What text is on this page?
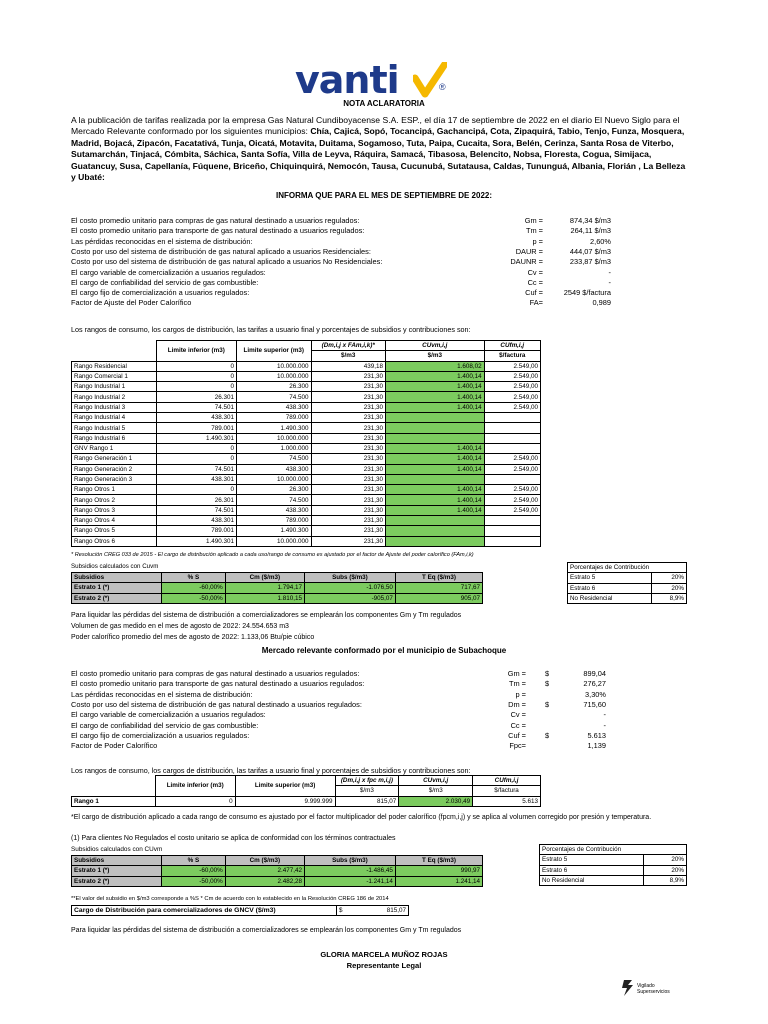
vanti	®
NOTA ACLARATORIA
A la publicación de tarifas realizada por la empresa Gas Natural Cundiboyacense S.A. ESP., el día 17 de septiembre de 2022 en el diario El Nuevo Siglo para el Mercado Relevante conformado por los siguientes municipios: Chía, Cajicá, Sopó, Tocancipá, Gachancipá, Cota, Zipaquirá, Tabio, Tenjo, Funza, Mosquera, Madrid, Bojacá, Zipacón, Facatativá, Tunja, Oicatá, Motavita, Duitama, Sogamoso, Tuta, Paipa, Cucaita, Sora, Belén, Cerinza, Santa Rosa de Viterbo, Sutamarchán, Tinjacá, Cómbita, Sáchica, Santa Sofía, Villa de Leyva, Ráquira, Samacá, Tibasosa, Belencito, Nobsa, Floresta, Cogua, Simijaca, Guatancuy, Susa, Capellanía, Fúquene, Briceño, Chiquinquirá, Nemocón, Tausa, Cucunubá, Sutatausa, Caldas, Tununguá, Albania, Florián , La Belleza y Ubaté:
INFORMA QUE PARA EL MES DE SEPTIEMBRE DE 2022:
El costo promedio unitario para compras de gas natural destinado a usuarios regulados:	Gm =	874,34 $/m3
El costo promedio unitario para transporte de gas natural destinado a usuarios regulados:	Tm =	264,11 $/m3
Las pérdidas reconocidas en el sistema de distribución:	p =	2,60%
Costo por uso del sistema de distribución de gas natural aplicado a usuarios Residenciales:	DAUR =	444,07 $/m3
Costo por uso del sistema de distribución de gas natural aplicado a usuarios No Residenciales:	DAUNR =	233,87 $/m3
El cargo variable de comercialización a usuarios regulados:	Cv =	-
El cargo de confiabilidad del servicio de gas combustible:	Cc =	-
El cargo fijo de comercialización a usuarios regulados:	Cuf =	2549 $/factura
Factor de Ajuste del Poder Calorífico	FA=	0,989
Los rangos de consumo, los cargos de distribución, las tarifas a usuario final y porcentajes de subsidios y contribuciones son:
	Limite inferior (m3)	Limite superior (m3)	(Dm,i,j x FAm,i,k)*	CUvm,i,j	CUfm,i,j
			$/m3	$/m3	$/factura
Rango Residencial	0	10.000.000	439,18	1.608,02	2.549,00
Rango Comercial 1	0	10.000.000	231,30	1.400,14	2.549,00
Rango Industrial 1	0	26.300	231,30	1.400,14	2.549,00
Rango Industrial 2	26.301	74.500	231,30	1.400,14	2.549,00
Rango Industrial 3	74.501	438.300	231,30	1.400,14	2.549,00
Rango Industrial 4	438.301	789.000	231,30		
Rango Industrial 5	789.001	1.490.300	231,30		
Rango Industrial 6	1.490.301	10.000.000	231,30		
GNV Rango 1	0	1.000.000	231,30	1.400,14	
Rango Generación 1	0	74.500	231,30	1.400,14	2.549,00
Rango Generación 2	74.501	438.300	231,30	1.400,14	2.549,00
Rango Generación 3	438.301	10.000.000	231,30		
Rango Otros 1	0	26.300	231,30	1.400,14	2.549,00
Rango Otros 2	26.301	74.500	231,30	1.400,14	2.549,00
Rango Otros 3	74.501	438.300	231,30	1.400,14	2.549,00
Rango Otros 4	438.301	789.000	231,30		
Rango Otros 5	789.001	1.490.300	231,30		
Rango Otros 6	1.490.301	10.000.000	231,30		
* Resolución CREG 033 de 2015 - El cargo de distribución aplicado a cada uso/rango de consumo es ajustado por el factor de Ajuste del poder calorífico (FAm,i,k)
Subsidios calculados con Cuvm
Subsidios	% S	Cm ($/m3)	Subs ($/m3)	T Eq ($/m3)
Estrato 1 (*)	-60,00%	1.794,17	-1.076,50	717,67
Estrato 2 (*)	-50,00%	1.810,15	-905,07	905,07
Porcentajes de Contribución	
Estrato 5	20%
Estrato 6	20%
No Residencial	8,9%
Para liquidar las pérdidas del sistema de distribución a comercializadores se emplearán los componentes Gm y Tm regulados
Volumen de gas medido en el mes de agosto de 2022: 24.554.653 m3
Poder calorífico promedio del mes de agosto de 2022: 1.133,06 Btu/pie cúbico
Mercado relevante conformado por el municipio de Subachoque
El costo promedio unitario para compras de gas natural destinado a usuarios regulados:	Gm =	$	899,04
El costo promedio unitario para transporte de gas natural destinado a usuarios regulados:	Tm =	$	276,27
Las pérdidas reconocidas en el sistema de distribución:	p =	3,30%
Costo por uso del sistema de distribución de gas natural destinado a usuarios regulados:	Dm =	$	715,60
El cargo variable de comercialización a usuarios regulados:	Cv =	-
El cargo de confiabilidad del servicio de gas combustible:	Cc =	-
El cargo fijo de comercialización a usuarios regulados:	Cuf =	$	5.613
Factor de Poder Calorífico	Fpc=	1,139
Los rangos de consumo, los cargos de distribución, las tarifas a usuario final y porcentajes de subsidios y contribuciones son:
	Limite inferior (m3)	Limite superior (m3)	(Dm,i,j x fpc m,i,j)	CUvm,i,j	CUfm,i,j
			$/m3	$/m3	$/factura
Rango 1	0	9.999.999	815,07	2.030,49	5.613
*El cargo de distribución aplicado a cada rango de consumo es ajustado por el factor multiplicador del poder calorífico (fpcm,i,j) y se aplica al volumen corregido por presión y temperatura.
(1) Para clientes No Regulados el costo unitario se aplica de conformidad con los términos contractuales
Subsidios calculados con CUvm
Subsidios	% S	Cm ($/m3)	Subs ($/m3)	T Eq ($/m3)
Estrato 1 (*)	-60,00%	2.477,42	-1.486,45	990,97
Estrato 2 (*)	-50,00%	2.482,28	-1.241,14	1.241,14
Porcentajes de Contribución	
Estrato 5	20%
Estrato 6	20%
No Residencial	8,9%
**El valor del subsidio en $/m3 corresponde a %S * Cm de acuerdo con lo establecido en la Resolución CREG 186 de 2014
Cargo de Distribución para comercializadores de GNCV ($/m3)	$	815,07
Para liquidar las pérdidas del sistema de distribución a comercializadores se emplearán los componentes Gm y Tm regulados
GLORIA MARCELA MUÑOZ ROJAS
Representante Legal
Vigilado
Superservicios
